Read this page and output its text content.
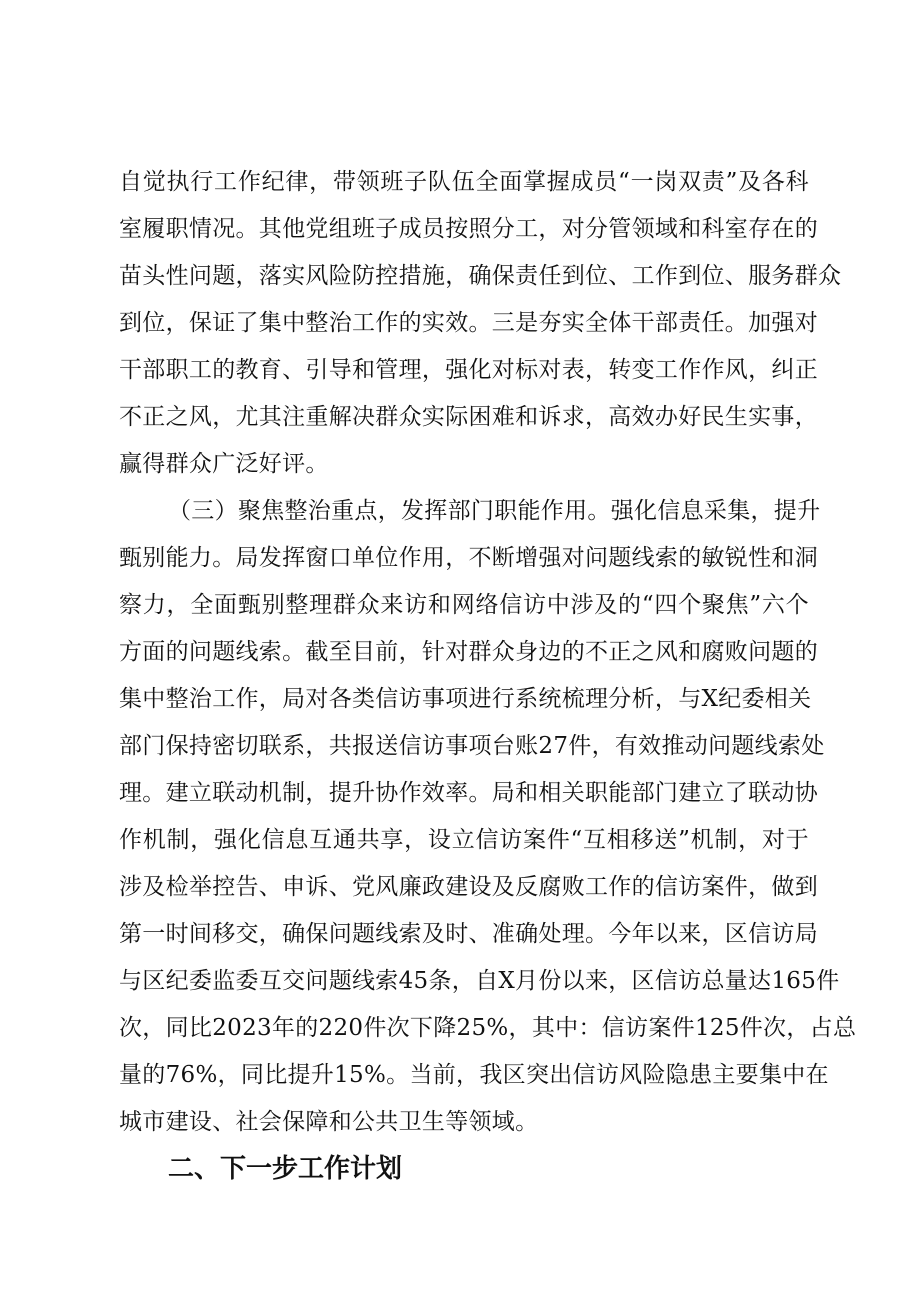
自觉执行工作纪律，带领班子队伍全面掌握成员“一岗双责”及各科
室履职情况。其他党组班子成员按照分工，对分管领域和科室存在的
苗头性问题，落实风险防控措施，确保责任到位、工作到位、服务群众
到位，保证了集中整治工作的实效。三是夯实全体干部责任。加强对
干部职工的教育、引导和管理，强化对标对表，转变工作作风，纠正
不正之风，尤其注重解决群众实际困难和诉求，高效办好民生实事，
赢得群众广泛好评。
（三）聚焦整治重点，发挥部门职能作用。强化信息采集，提升
甄别能力。局发挥窗口单位作用，不断增强对问题线索的敏锐性和洞
察力，全面甄别整理群众来访和网络信访中涉及的“四个聚焦”六个
方面的问题线索。截至目前，针对群众身边的不正之风和腐败问题的
集中整治工作，局对各类信访事项进行系统梳理分析，与X纪委相关
部门保持密切联系，共报送信访事项台账27件，有效推动问题线索处
理。建立联动机制，提升协作效率。局和相关职能部门建立了联动协
作机制，强化信息互通共享，设立信访案件“互相移送”机制，对于
涉及检举控告、申诉、党风廉政建设及反腐败工作的信访案件，做到
第一时间移交，确保问题线索及时、准确处理。今年以来，区信访局
与区纪委监委互交问题线索45条，自X月份以来，区信访总量达165件
次，同比2023年的220件次下降25%，其中：信访案件125件次，占总
量的76%，同比提升15%。当前，我区突出信访风险隐患主要集中在
城市建设、社会保障和公共卫生等领域。
二、下一步工作计划
